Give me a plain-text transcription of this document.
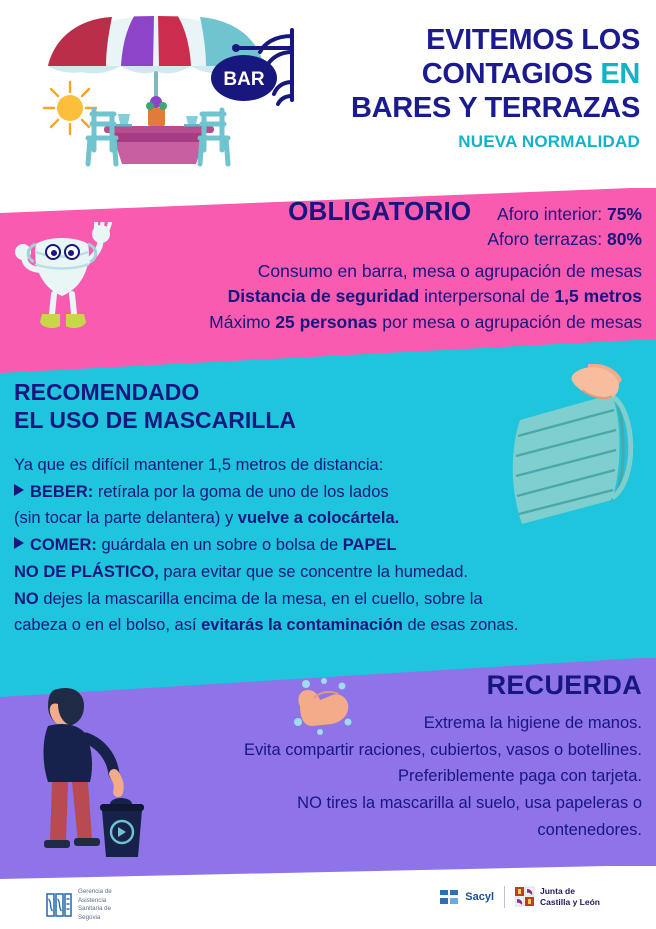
BAR
EVITEMOS LOS
CONTAGIOS EN
BARES Y TERRAZAS
NUEVA NORMALIDAD
OBLIGATORIO	Aforo interior: 75%
Aforo terrazas: 80%
Consumo en barra, mesa o agrupación de mesas
Distancia de seguridad interpersonal de 1,5 metros
Máximo 25 personas por mesa o agrupación de mesas
RECOMENDADO
EL USO DE MASCARILLA
Ya que es difícil mantener 1,5 metros de distancia:
BEBER: retírala por la goma de uno de los lados
(sin tocar la parte delantera) y vuelve a colocártela.
COMER: guárdala en un sobre o bolsa de PAPEL
NO DE PLÁSTICO, para evitar que se concentre la humedad.
NO dejes la mascarilla encima de la mesa, en el cuello, sobre la
cabeza o en el bolso, así evitarás la contaminación de esas zonas.
RECUERDA
Extrema la higiene de manos.
Evita compartir raciones, cubiertos, vasos o botellines.
Preferiblemente paga con tarjeta.
NO tires la mascarilla al suelo, usa papeleras o
contenedores.
Gerencia de
Asistencia
Sanitaria de
Segovia
Sacyl	Junta de
Castilla y León
